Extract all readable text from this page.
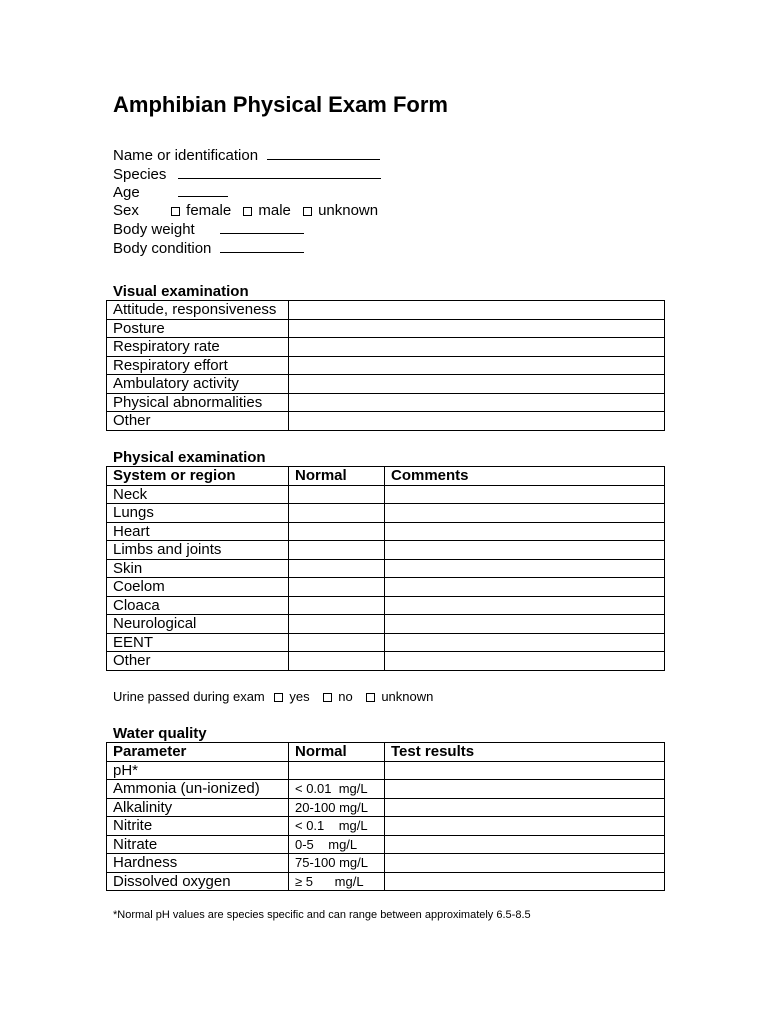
Amphibian Physical Exam Form
Name or identification
Species
Age
Sex	female male unknown
Body weight
Body condition
Visual examination
Attitude, responsiveness	
Posture	
Respiratory rate	
Respiratory effort	
Ambulatory activity	
Physical abnormalities	
Other	
Physical examination
System or region	Normal	Comments
Neck		
Lungs		
Heart		
Limbs and joints		
Skin		
Coelom		
Cloaca		
Neurological		
EENT		
Other		
Urine passed during exam yes no unknown
Water quality
Parameter	Normal	Test results
pH*		
Ammonia (un-ionized)	< 0.01  mg/L	
Alkalinity	20-100 mg/L	
Nitrite	< 0.1    mg/L	
Nitrate	0-5    mg/L	
Hardness	75-100 mg/L	
Dissolved oxygen	≥ 5      mg/L	
*Normal pH values are species specific and can range between approximately 6.5-8.5
